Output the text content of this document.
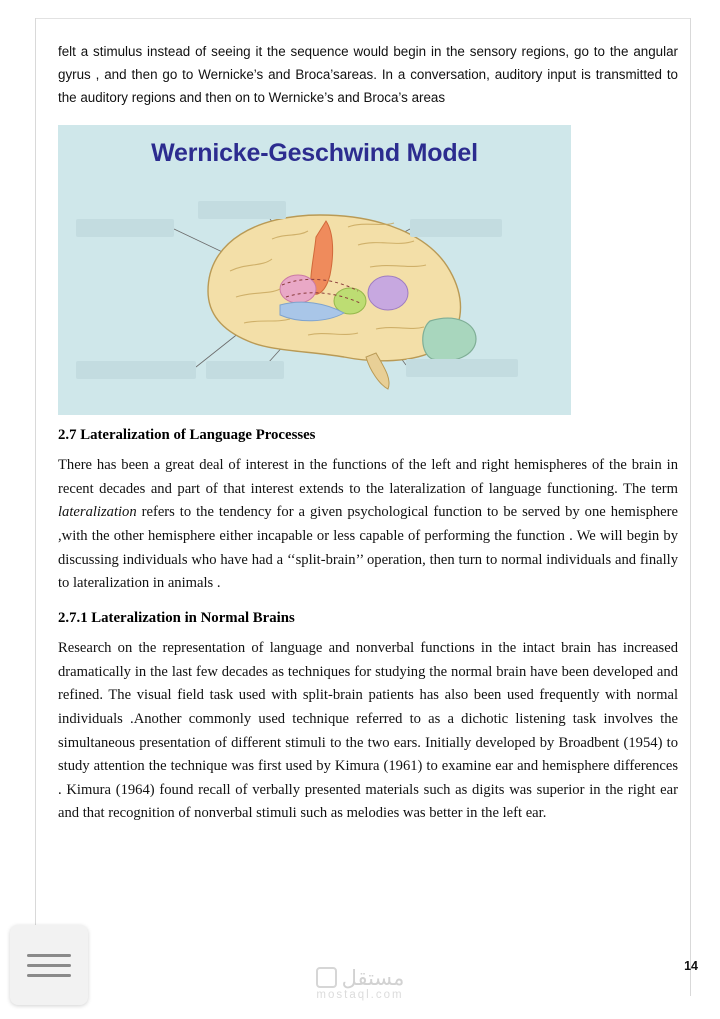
felt a stimulus instead of seeing it the sequence would begin in the sensory regions, go to the angular gyrus , and then go to Wernicke’s and Broca’sareas. In a conversation, auditory input is transmitted to the auditory regions and then on to Wernicke’s and Broca’s areas

Wernicke-Geschwind Model
2.7 Lateralization of Language Processes

There has been a great deal of interest in the functions of the left and right hemispheres of the brain in recent decades and part of that interest extends to the lateralization of language functioning. The term lateralization refers to the tendency for a given psychological function to be served by one hemisphere ,with the other hemisphere either incapable or less capable of performing the function . We will begin by discussing individuals who have had a ‘‘split-brain’’ operation, then turn to normal individuals and finally to lateralization in animals .

2.7.1 Lateralization in Normal Brains

Research on the representation of language and nonverbal functions in the intact brain has increased dramatically in the last few decades as techniques for studying the normal brain have been developed and refined. The visual field task used with split-brain patients has also been used frequently with normal individuals .Another commonly used technique referred to as a dichotic listening task involves the simultaneous presentation of different stimuli to the two ears. Initially developed by Broadbent (1954) to study attention the technique was first used by Kimura (1961) to examine ear and hemisphere differences . Kimura (1964) found recall of verbally presented materials such as digits was superior in the right ear and that recognition of nonverbal stimuli such as melodies was better in the left ear.

14
مستقل
mostaql.com
